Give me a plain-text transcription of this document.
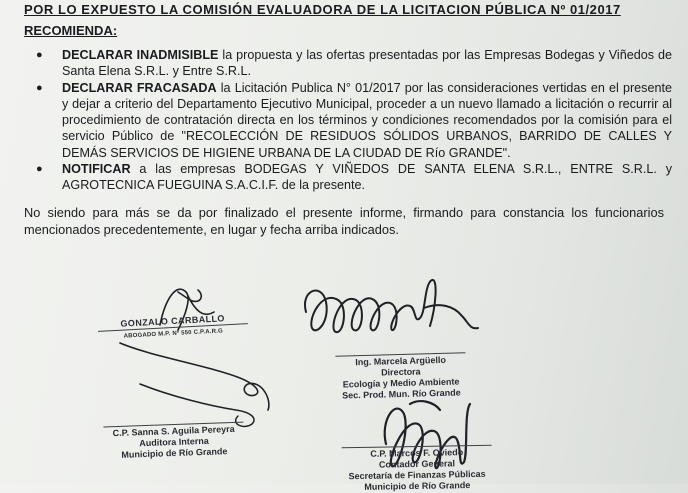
POR LO EXPUESTO LA COMISIÓN EVALUADORA DE LA LICITACION PÚBLICA Nº 01/2017
RECOMIENDA:
● DECLARAR INADMISIBLE la propuesta y las ofertas presentadas por las Empresas Bodegas y Viñedos de Santa Elena S.R.L. y Entre S.R.L.
● DECLARAR FRACASADA la Licitación Publica N° 01/2017 por las consideraciones vertidas en el presente y dejar a criterio del Departamento Ejecutivo Municipal, proceder a un nuevo llamado a licitación o recurrir al procedimiento de contratación directa en los términos y condiciones recomendados por la comisión para el servicio Público de "RECOLECCIÓN DE RESIDUOS SÓLIDOS URBANOS, BARRIDO DE CALLES Y DEMÁS SERVICIOS DE HIGIENE URBANA DE LA CIUDAD DE Río GRANDE".
● NOTIFICAR a las empresas BODEGAS Y VIÑEDOS DE SANTA ELENA S.R.L., ENTRE S.R.L. y AGROTECNICA FUEGUINA S.A.C.I.F. de la presente.
No siendo para más se da por finalizado el presente informe, firmando para constancia los funcionarios mencionados precedentemente, en lugar y fecha arriba indicados.
GONZALO CARBALLO
ABOGADO M.P. Nº 550 C.P.A.R.G
Ing. Marcela Argüello
Directora
Ecología y Medio Ambiente
Sec. Prod. Mun. Río Grande
C.P. Sanna S. Aguila Pereyra
Auditora Interna
Municipio de Río Grande	C.P. Marcos F. Oviedo
Contador General
Secretaría de Finanzas Públicas
Municipio de Río Grande
